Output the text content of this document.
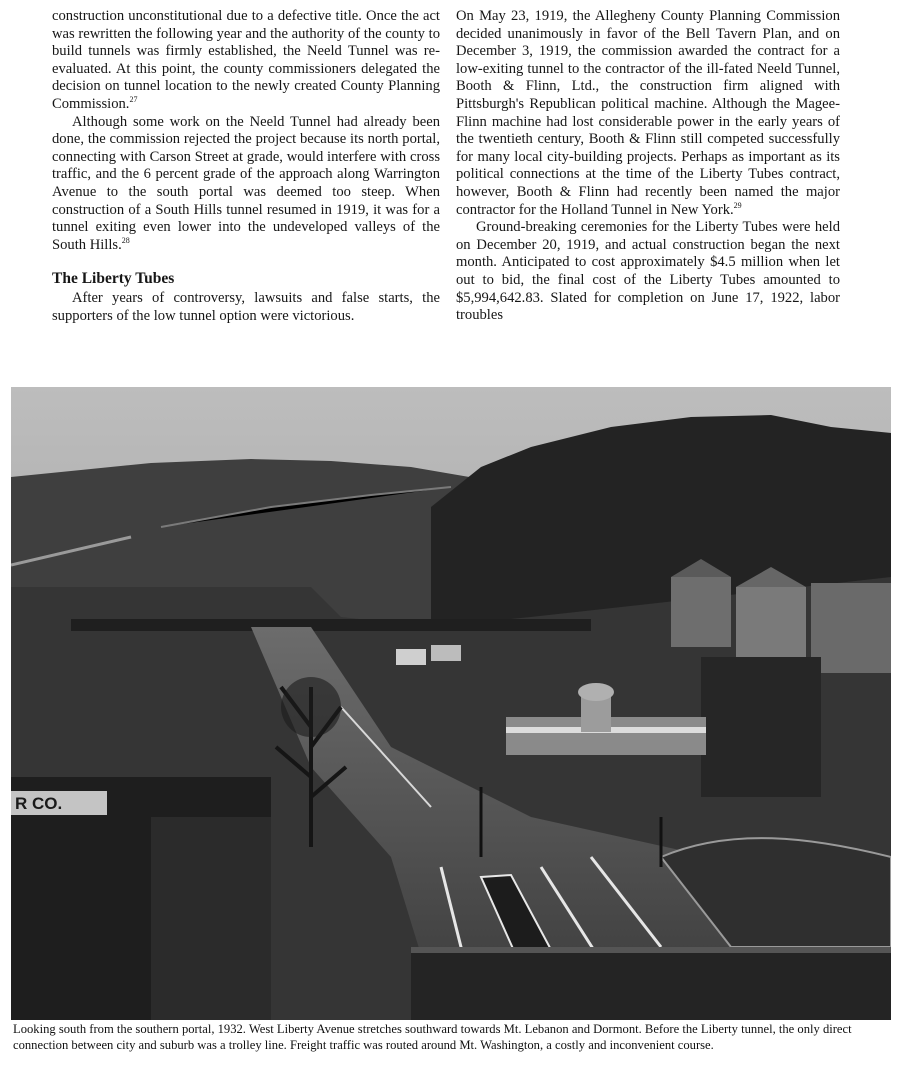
construction unconstitutional due to a defective title. Once the act was rewritten the following year and the authority of the county to build tunnels was firmly established, the Neeld Tunnel was re-evaluated. At this point, the county commissioners delegated the decision on tunnel location to the newly created County Planning Commission.$^{27}$

Although some work on the Neeld Tunnel had already been done, the commission rejected the project because its north portal, connecting with Carson Street at grade, would interfere with cross traffic, and the 6 percent grade of the approach along Warrington Avenue to the south portal was deemed too steep. When construction of a South Hills tunnel resumed in 1919, it was for a tunnel exiting even lower into the undeveloped valleys of the South Hills.$^{28}$

The Liberty Tubes

After years of controversy, lawsuits and false starts, the supporters of the low tunnel option were victorious.

On May 23, 1919, the Allegheny County Planning Commission decided unanimously in favor of the Bell Tavern Plan, and on December 3, 1919, the commission awarded the contract for a low-exiting tunnel to the contractor of the ill-fated Neeld Tunnel, Booth & Flinn, Ltd., the construction firm aligned with Pittsburgh's Republican political machine. Although the Magee-Flinn machine had lost considerable power in the early years of the twentieth century, Booth & Flinn still competed successfully for many local city-building projects. Perhaps as important as its political connections at the time of the Liberty Tubes contract, however, Booth & Flinn had recently been named the major contractor for the Holland Tunnel in New York.$^{29}$

Ground-breaking ceremonies for the Liberty Tubes were held on December 20, 1919, and actual construction began the next month. Anticipated to cost approximately $4.5 million when let out to bid, the final cost of the Liberty Tubes amounted to $5,994,642.83. Slated for completion on June 17, 1922, labor troubles

R CO.
Looking south from the southern portal, 1932. West Liberty Avenue stretches southward towards Mt. Lebanon and Dormont. Before the Liberty tunnel, the only direct connection between city and suburb was a trolley line. Freight traffic was routed around Mt. Washington, a costly and inconvenient course.
